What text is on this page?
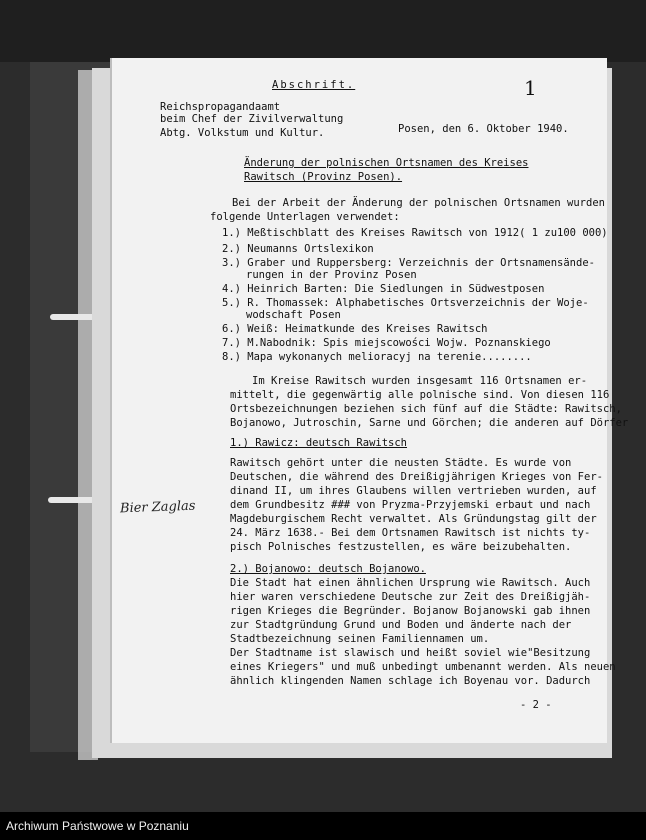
Abschrift.	1
Reichspropagandaamt
beim Chef der Zivilverwaltung
Abtg. Volkstum und Kultur.	Posen, den 6. Oktober 1940.
Änderung der polnischen Ortsnamen des Kreises
Rawitsch (Provinz Posen).
Bei der Arbeit der Änderung der polnischen Ortsnamen wurden
folgende Unterlagen verwendet:
1.) Meßtischblatt des Kreises Rawitsch von 1912( 1 zu100 000)
2.) Neumanns Ortslexikon
3.) Graber und Ruppersberg: Verzeichnis der Ortsnamensände-
rungen in der Provinz Posen
4.) Heinrich Barten: Die Siedlungen in Südwestposen
5.) R. Thomassek: Alphabetisches Ortsverzeichnis der Woje-
wodschaft Posen
6.) Weiß: Heimatkunde des Kreises Rawitsch
7.) M.Nabodnik: Spis miejscowości Wojw. Poznanskiego
8.) Mapa wykonanych melioracyj na terenie........
Im Kreise Rawitsch wurden insgesamt 116 Ortsnamen er-
mittelt, die gegenwärtig alle polnische sind. Von diesen 116
Ortsbezeichnungen beziehen sich fünf auf die Städte: Rawitsch,
Bojanowo, Jutroschin, Sarne und Görchen; die anderen auf Dörfer
1.) Rawicz: deutsch Rawitsch
Rawitsch gehört unter die neusten Städte. Es wurde von
Deutschen, die während des Dreißigjährigen Krieges von Fer-
dinand II, um ihres Glaubens willen vertrieben wurden, auf
dem Grundbesitz ### von Pryzma-Przyjemski erbaut und nach
Magdeburgischem Recht verwaltet. Als Gründungstag gilt der
24. März 1638.- Bei dem Ortsnamen Rawitsch ist nichts ty-
pisch Polnisches festzustellen, es wäre beizubehalten.
2.) Bojanowo: deutsch Bojanowo.
Die Stadt hat einen ähnlichen Ursprung wie Rawitsch. Auch
hier waren verschiedene Deutsche zur Zeit des Dreißigjäh-
rigen Krieges die Begründer. Bojanow Bojanowski gab ihnen
zur Stadtgründung Grund und Boden und änderte nach der
Stadtbezeichnung seinen Familiennamen um.
Der Stadtname ist slawisch und heißt soviel wie"Besitzung
eines Kriegers" und muß unbedingt umbenannt werden. Als neuen
ähnlich klingenden Namen schlage ich Boyenau vor. Dadurch
- 2 -
Bier Zaglas
Archiwum Państwowe w Poznaniu
